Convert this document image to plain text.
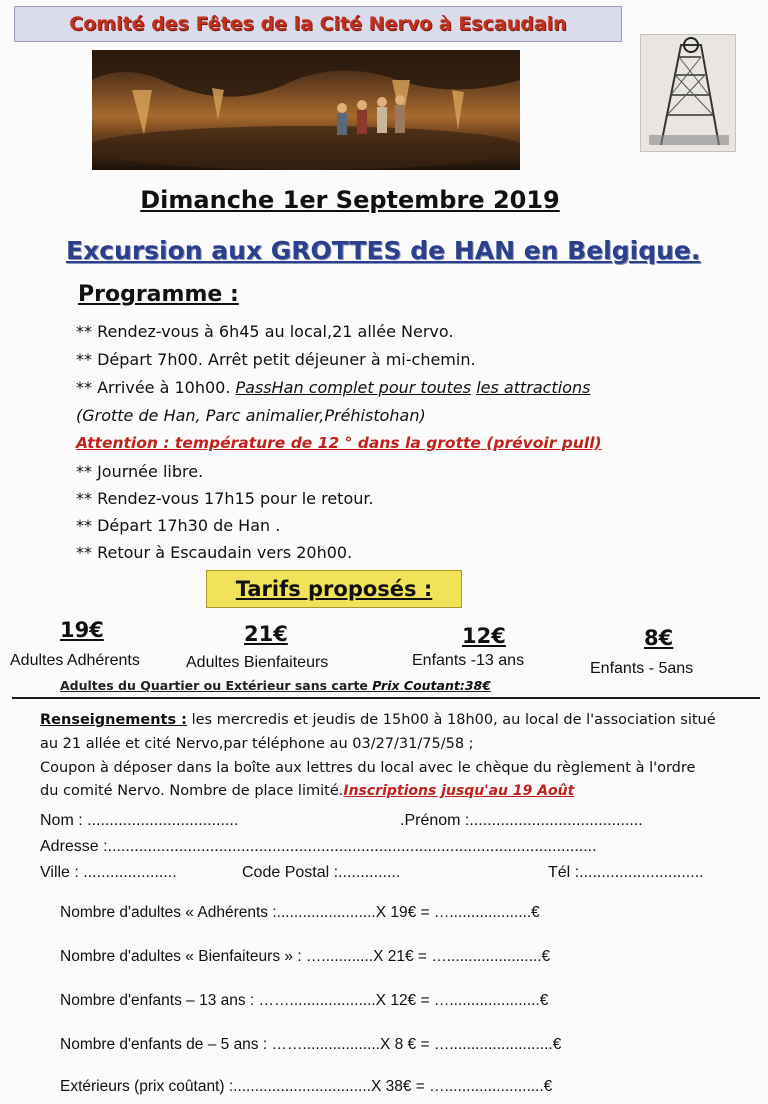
Comité des Fêtes de la Cité Nervo à Escaudain
Dimanche 1er Septembre 2019
Excursion aux GROTTES de HAN en Belgique.
Programme :
** Rendez-vous à 6h45 au local,21 allée Nervo.
** Départ 7h00. Arrêt petit déjeuner à mi-chemin.
** Arrivée à 10h00. PassHan complet pour toutes les attractions
(Grotte de Han, Parc animalier,Préhistohan)
Attention : température de 12 ° dans la grotte (prévoir pull)
** Journée libre.
** Rendez-vous 17h15 pour le retour.
** Départ 17h30 de Han .
** Retour à Escaudain vers 20h00.
Tarifs proposés :
19€
Adultes Adhérents
21€
Adultes Bienfaiteurs
12€
Enfants -13 ans
8€
Enfants - 5ans
Adultes du Quartier ou Extérieur sans carte Prix Coutant:38€
Renseignements : les mercredis et jeudis de 15h00 à 18h00, au local de l'association situé
au 21 allée et cité Nervo,par téléphone au 03/27/31/75/58 ;
Coupon à déposer dans la boîte aux lettres du local avec le chèque du règlement à l'ordre
du comité Nervo. Nombre de place limité.Inscriptions jusqu'au 19 Août
Nom : ..................................	.Prénom :.......................................
Adresse :..............................................................................................................
Ville : .....................	Code Postal :..............	Tél :............................
Nombre d'adultes « Adhérents :.......................X 19€ = …...................€
Nombre d'adultes « Bienfaiteurs » : …............X 21€ = …......................€
Nombre d'enfants – 13 ans : ……....................X 12€ = ….....................€
Nombre d'enfants de – 5 ans : ……..................X 8 € = …........................€
Extérieurs (prix coûtant) :................................X 38€ = ….......................€
